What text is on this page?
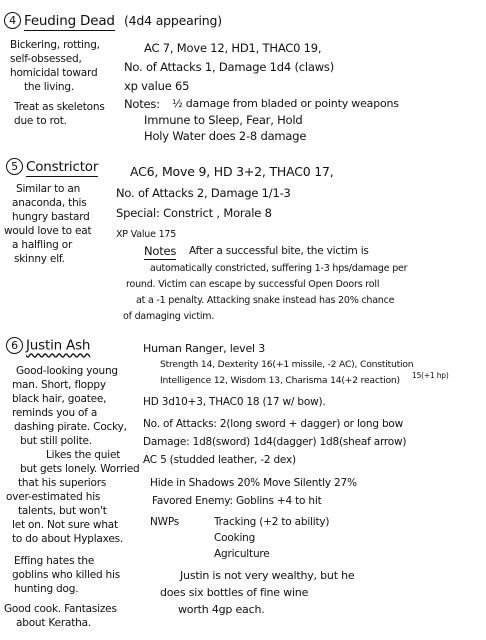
4 Feuding Dead (4d4 appearing)
Bickering, rotting,
self-obsessed,
homicidal toward
the living.
Treat as skeletons
due to rot.
AC 7, Move 12, HD1, THAC0 19,
No. of Attacks 1, Damage 1d4 (claws)
xp value 65
Notes: ½ damage from bladed or pointy weapons
Immune to Sleep, Fear, Hold
Holy Water does 2-8 damage
5 Constrictor
Similar to an
anaconda, this
hungry bastard
would love to eat
a halfling or
skinny elf.
AC6, Move 9, HD 3+2, THAC0 17,
No. of Attacks 2, Damage 1/1-3
Special: Constrict , Morale 8
XP Value 175
Notes After a successful bite, the victim is
automatically constricted, suffering 1-3 hps/damage per
round. Victim can escape by successful Open Doors roll
at a -1 penalty. Attacking snake instead has 20% chance
of damaging victim.
6 Justin Ash
Good-looking young
man. Short, floppy
black hair, goatee,
reminds you of a
dashing pirate. Cocky,
but still polite.
Likes the quiet
but gets lonely. Worried
that his superiors
over-estimated his
talents, but won't
let on. Not sure what
to do about Hyplaxes.
Effing hates the
goblins who killed his
hunting dog.
Good cook. Fantasizes
about Keratha.
Human Ranger, level 3
Strength 14, Dexterity 16(+1 missile, -2 AC), Constitution
15(+1 hp)
Intelligence 12, Wisdom 13, Charisma 14(+2 reaction)
HD 3d10+3, THAC0 18 (17 w/ bow).
No. of Attacks: 2(long sword + dagger) or long bow
Damage: 1d8(sword) 1d4(dagger) 1d8(sheaf arrow)
AC 5 (studded leather, -2 dex)
Hide in Shadows 20% Move Silently 27%
Favored Enemy: Goblins +4 to hit
NWPs	Tracking (+2 to ability)
Cooking
Agriculture
Justin is not very wealthy, but he
does six bottles of fine wine
worth 4gp each.
